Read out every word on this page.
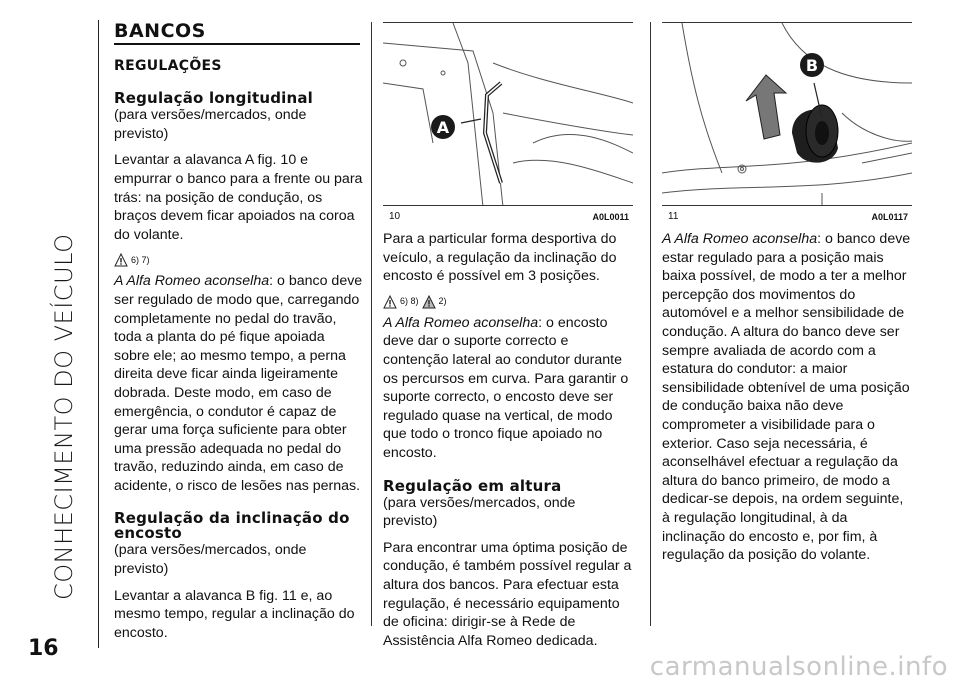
CONHECIMENTO DO VEÍCULO
16
carmanualsonline.info
BANCOS
REGULAÇÕES
Regulação longitudinal
(para versões/mercados, onde previsto)

Levantar a alavanca A fig. 10 e empurrar o banco para a frente ou para trás: na posição de condução, os braços devem ficar apoiados na coroa do volante.

6) 7)

A Alfa Romeo aconselha: o banco deve ser regulado de modo que, carregando completamente no pedal do travão, toda a planta do pé fique apoiada sobre ele; ao mesmo tempo, a perna direita deve ficar ainda ligeiramente dobrada. Deste modo, em caso de emergência, o condutor é capaz de gerar uma força suficiente para obter uma pressão adequada no pedal do travão, reduzindo ainda, em caso de acidente, o risco de lesões nas pernas.

Regulação da inclinação do encosto
(para versões/mercados, onde previsto)

Levantar a alavanca B fig. 11 e, ao mesmo tempo, regular a inclinação do encosto.

A
10	A0L0011

Para a particular forma desportiva do veículo, a regulação da inclinação do encosto é possível em 3 posições.

6) 8) 2)

A Alfa Romeo aconselha: o encosto deve dar o suporte correcto e contenção lateral ao condutor durante os percursos em curva. Para garantir o suporte correcto, o encosto deve ser regulado quase na vertical, de modo que todo o tronco fique apoiado no encosto.

Regulação em altura
(para versões/mercados, onde previsto)

Para encontrar uma óptima posição de condução, é também possível regular a altura dos bancos. Para efectuar esta regulação, é necessário equipamento de oficina: dirigir-se à Rede de Assistência Alfa Romeo dedicada.

B
11	A0L0117

A Alfa Romeo aconselha: o banco deve estar regulado para a posição mais baixa possível, de modo a ter a melhor percepção dos movimentos do automóvel e a melhor sensibilidade de condução. A altura do banco deve ser sempre avaliada de acordo com a estatura do condutor: a maior sensibilidade obtenível de uma posição de condução baixa não deve comprometer a visibilidade para o exterior. Caso seja necessária, é aconselhável efectuar a regulação da altura do banco primeiro, de modo a dedicar-se depois, na ordem seguinte, à regulação longitudinal, à da inclinação do encosto e, por fim, à regulação da posição do volante.
